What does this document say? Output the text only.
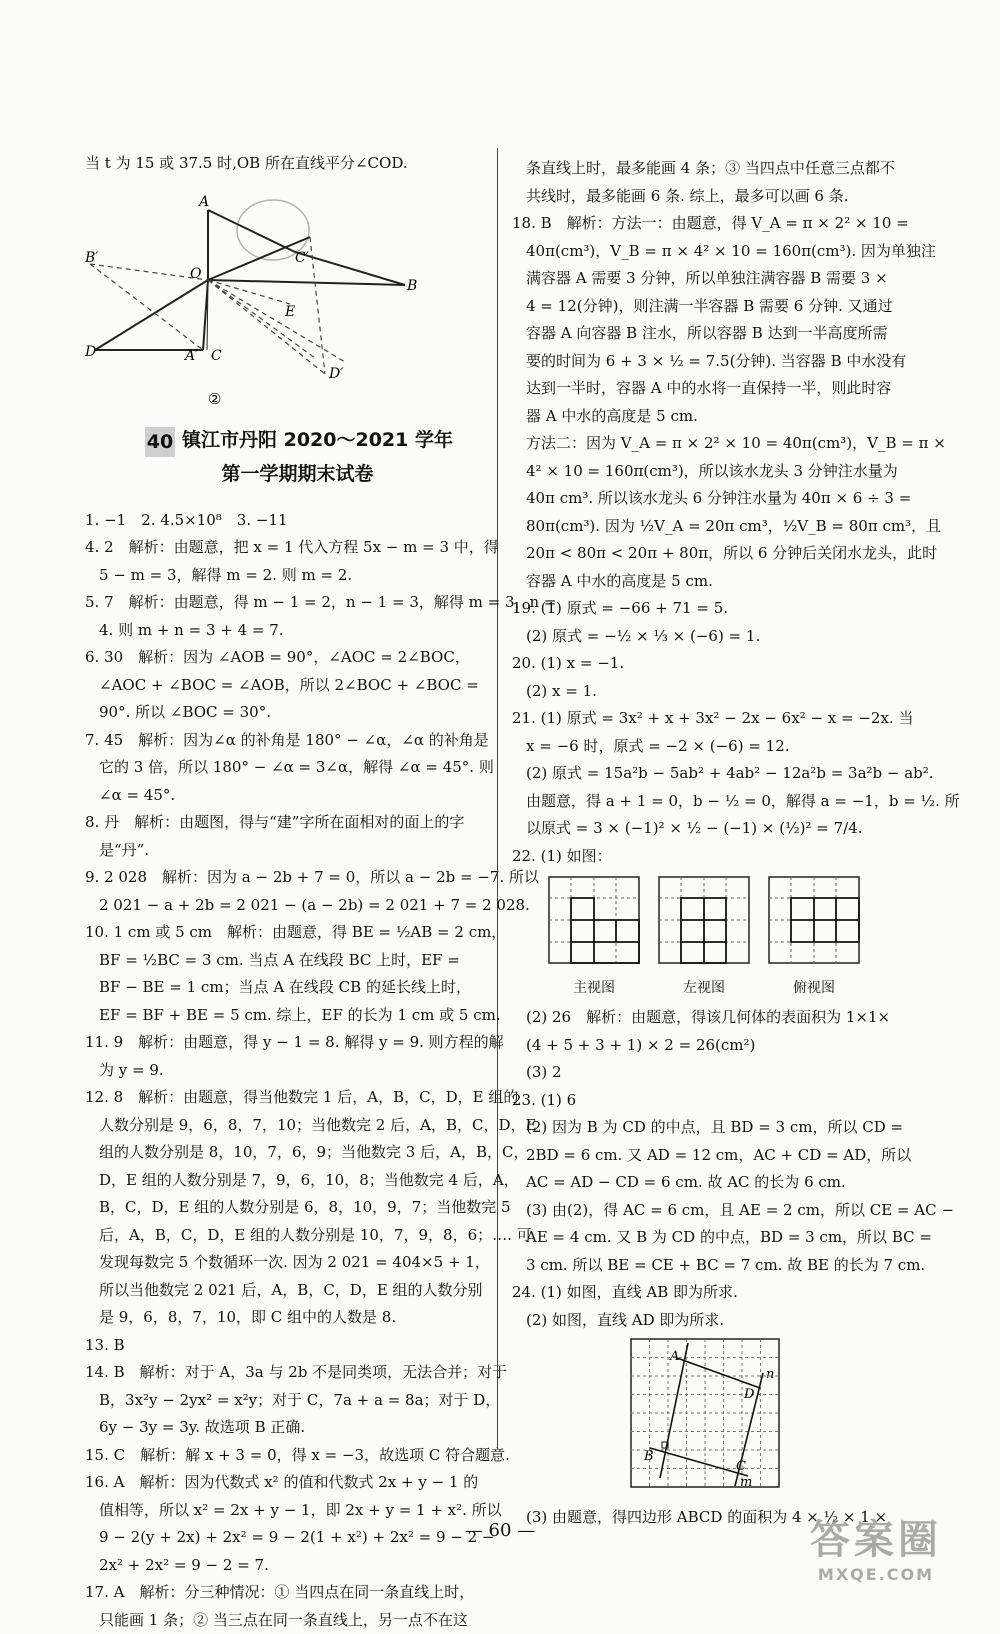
当 t 为 15 或 37.5 时,OB 所在直线平分∠COD.
A
B
B′
O
C′
E
D	A′ C
D′
②
40 镇江市丹阳 2020～2021 学年
第一学期期末试卷
1. −1　2. 4.5×10⁸　3. −11
4. 2　解析：由题意，把 x = 1 代入方程 5x − m = 3 中，得
5 − m = 3，解得 m = 2. 则 m = 2.
5. 7　解析：由题意，得 m − 1 = 2，n − 1 = 3，解得 m = 3，n =
4. 则 m + n = 3 + 4 = 7.
6. 30　解析：因为 ∠AOB = 90°，∠AOC = 2∠BOC，
∠AOC + ∠BOC = ∠AOB，所以 2∠BOC + ∠BOC =
90°. 所以 ∠BOC = 30°.
7. 45　解析：因为∠α 的补角是 180° − ∠α，∠α 的补角是
它的 3 倍，所以 180° − ∠α = 3∠α，解得 ∠α = 45°. 则
∠α = 45°.
8. 丹　解析：由题图，得与“建”字所在面相对的面上的字
是“丹”.
9. 2 028　解析：因为 a − 2b + 7 = 0，所以 a − 2b = −7. 所以
2 021 − a + 2b = 2 021 − (a − 2b) = 2 021 + 7 = 2 028.
10. 1 cm 或 5 cm　解析：由题意，得 BE = ½AB = 2 cm，
BF = ½BC = 3 cm. 当点 A 在线段 BC 上时，EF =
BF − BE = 1 cm；当点 A 在线段 CB 的延长线上时，
EF = BF + BE = 5 cm. 综上，EF 的长为 1 cm 或 5 cm.
11. 9　解析：由题意，得 y − 1 = 8. 解得 y = 9. 则方程的解
为 y = 9.
12. 8　解析：由题意，得当他数完 1 后，A，B，C，D，E 组的
人数分别是 9，6，8，7，10；当他数完 2 后，A，B，C，D，E
组的人数分别是 8，10，7，6，9；当他数完 3 后，A，B，C，
D，E 组的人数分别是 7，9，6，10，8；当他数完 4 后，A，
B，C，D，E 组的人数分别是 6，8，10，9，7；当他数完 5
后，A，B，C，D，E 组的人数分别是 10，7，9，8，6；…. 可
发现每数完 5 个数循环一次. 因为 2 021 = 404×5 + 1，
所以当他数完 2 021 后，A，B，C，D，E 组的人数分别
是 9，6，8，7，10，即 C 组中的人数是 8.
13. B
14. B　解析：对于 A，3a 与 2b 不是同类项，无法合并；对于
B，3x²y − 2yx² = x²y；对于 C，7a + a = 8a；对于 D，
6y − 3y = 3y. 故选项 B 正确.
15. C　解析：解 x + 3 = 0，得 x = −3，故选项 C 符合题意.
16. A　解析：因为代数式 x² 的值和代数式 2x + y − 1 的
值相等，所以 x² = 2x + y − 1，即 2x + y = 1 + x². 所以
9 − 2(y + 2x) + 2x² = 9 − 2(1 + x²) + 2x² = 9 − 2 −
2x² + 2x² = 9 − 2 = 7.
17. A　解析：分三种情况：① 当四点在同一条直线上时，
只能画 1 条；② 当三点在同一条直线上，另一点不在这
条直线上时，最多能画 4 条；③ 当四点中任意三点都不
共线时，最多能画 6 条. 综上，最多可以画 6 条.
18. B　解析：方法一：由题意，得 V_A = π × 2² × 10 =
40π(cm³)，V_B = π × 4² × 10 = 160π(cm³). 因为单独注
满容器 A 需要 3 分钟，所以单独注满容器 B 需要 3 ×
4 = 12(分钟)，则注满一半容器 B 需要 6 分钟. 又通过
容器 A 向容器 B 注水，所以容器 B 达到一半高度所需
要的时间为 6 + 3 × ½ = 7.5(分钟). 当容器 B 中水没有
达到一半时，容器 A 中的水将一直保持一半，则此时容
器 A 中水的高度是 5 cm.
方法二：因为 V_A = π × 2² × 10 = 40π(cm³)，V_B = π ×
4² × 10 = 160π(cm³)，所以该水龙头 3 分钟注水量为
40π cm³. 所以该水龙头 6 分钟注水量为 40π × 6 ÷ 3 =
80π(cm³). 因为 ½V_A = 20π cm³，½V_B = 80π cm³，且
20π < 80π < 20π + 80π，所以 6 分钟后关闭水龙头，此时
容器 A 中水的高度是 5 cm.
19. (1) 原式 = −66 + 71 = 5.
(2) 原式 = −½ × ⅓ × (−6) = 1.
20. (1) x = −1.
(2) x = 1.
21. (1) 原式 = 3x² + x + 3x² − 2x − 6x² − x = −2x. 当
x = −6 时，原式 = −2 × (−6) = 12.
(2) 原式 = 15a²b − 5ab² + 4ab² − 12a²b = 3a²b − ab².
由题意，得 a + 1 = 0，b − ½ = 0，解得 a = −1，b = ½. 所
以原式 = 3 × (−1)² × ½ − (−1) × (½)² = 7/4.
22. (1) 如图：
主视图	左视图	俯视图
(2) 26　解析：由题意，得该几何体的表面积为 1×1×
(4 + 5 + 3 + 1) × 2 = 26(cm²)
(3) 2
23. (1) 6
(2) 因为 B 为 CD 的中点，且 BD = 3 cm，所以 CD =
2BD = 6 cm. 又 AD = 12 cm，AC + CD = AD，所以
AC = AD − CD = 6 cm. 故 AC 的长为 6 cm.
(3) 由(2)，得 AC = 6 cm，且 AE = 2 cm，所以 CE = AC −
AE = 4 cm. 又 B 为 CD 的中点，BD = 3 cm，所以 BC =
3 cm. 所以 BE = CE + BC = 7 cm. 故 BE 的长为 7 cm.
24. (1) 如图，直线 AB 即为所求.
(2) 如图，直线 AD 即为所求.
A
n
D
B
C
m
(3) 由题意，得四边形 ABCD 的面积为 4 × ½ × 1 ×
— 60 —	答案圈
MXQE.COM
